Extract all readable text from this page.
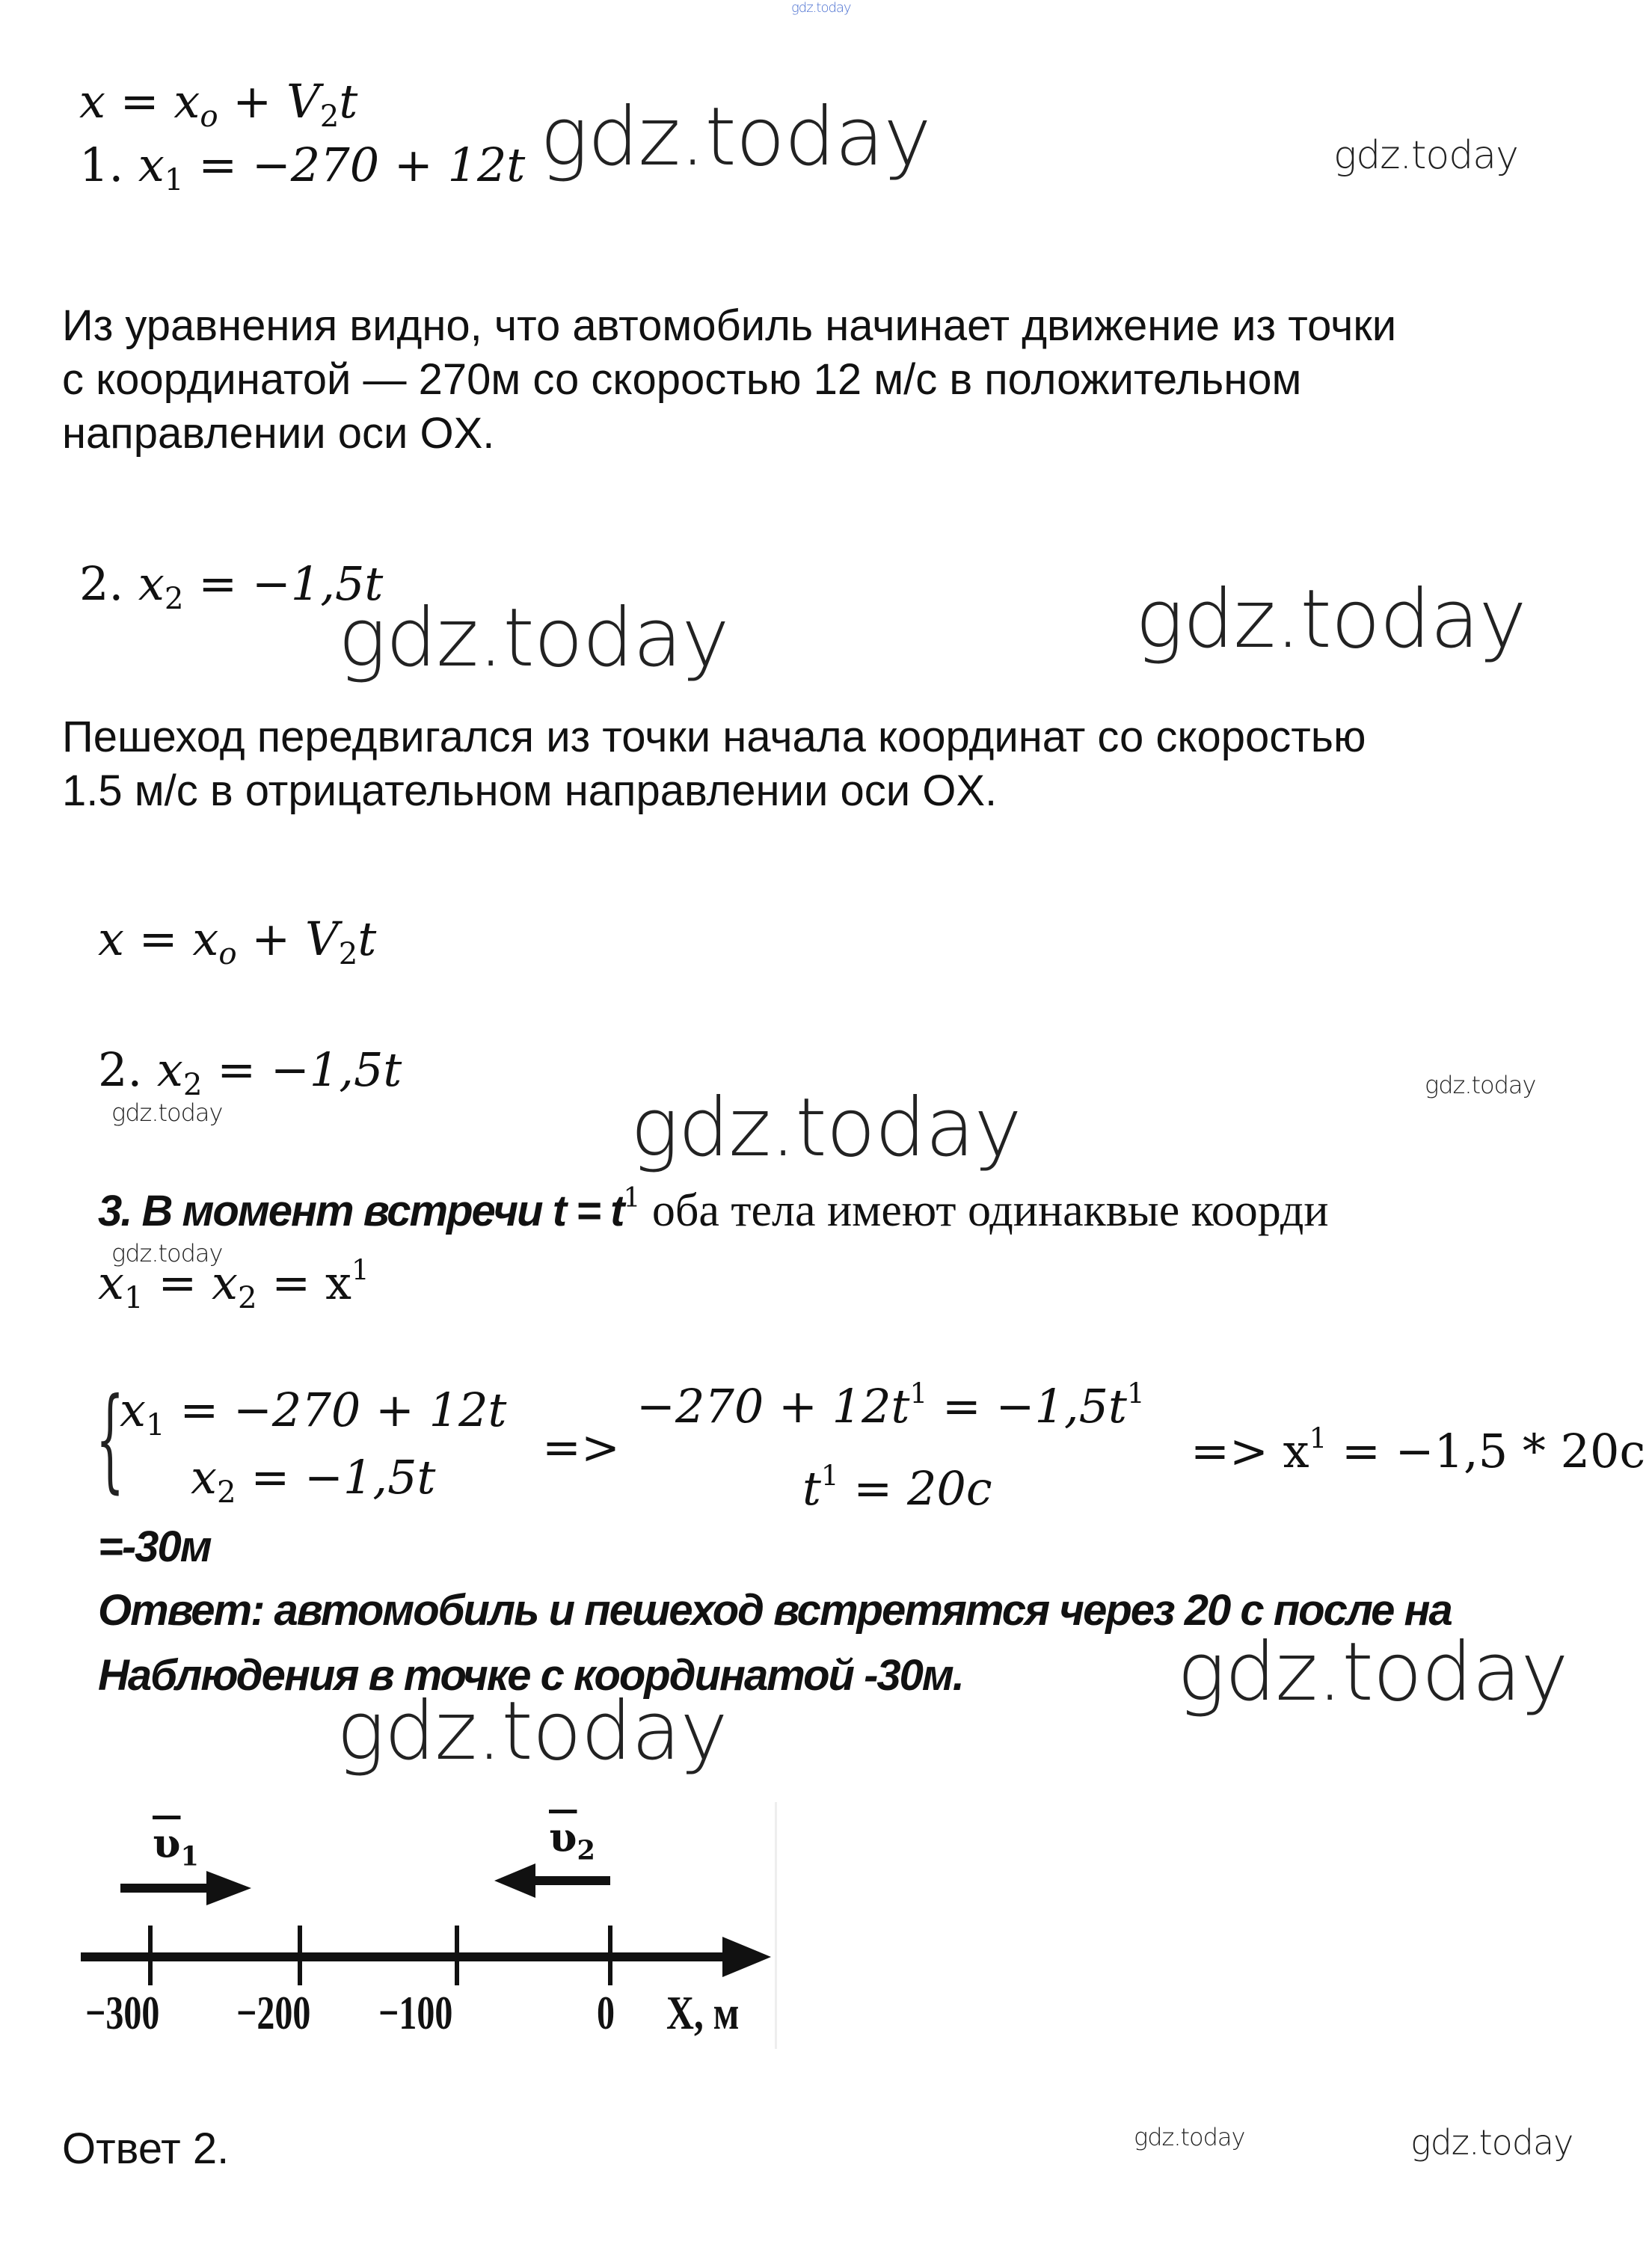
gdz.today
$x = x_o + V_2t$
1. $x_1 = -270 + 12t$ gdz.today	gdz.today
Из уравнения видно, что автомобиль начинает движение из точки
с координатой — 270м со скоростью 12 м/с в положительном
направлении оси OX.
2. $x_2 = -1,5t$
gdz.today	gdz.today
Пешеход передвигался из точки начала координат со скоростью
1.5 м/с в отрицательном направлении оси OX.
$x = x_o + V_2t$
2. $x_2 = -1,5t$
gdz.today
gdz.today
gdz.today
3. В момент встречи $t = t^1$ оба тела имеют одинаквые коорди
gdz.today
$x_1 = x_2 = x^1$
{
$x_1 = -270 + 12t$
$x_2 = -1,5t$
=>
$-270 + 12t^1 = -1,5t^1$
$t^1 = 20c$
=> $x^1 = -1,5 * 20c$
=-30м
Ответ: автомобиль и пешеход встретятся через 20 с после на
Наблюдения в точке с координатой -30м.	gdz.today
gdz.today
$\overline{\upsilon}_1$	$\overline{\upsilon}_2$
−300 −200 −100	0 X, м
Ответ 2.	gdz.today	gdz.today
